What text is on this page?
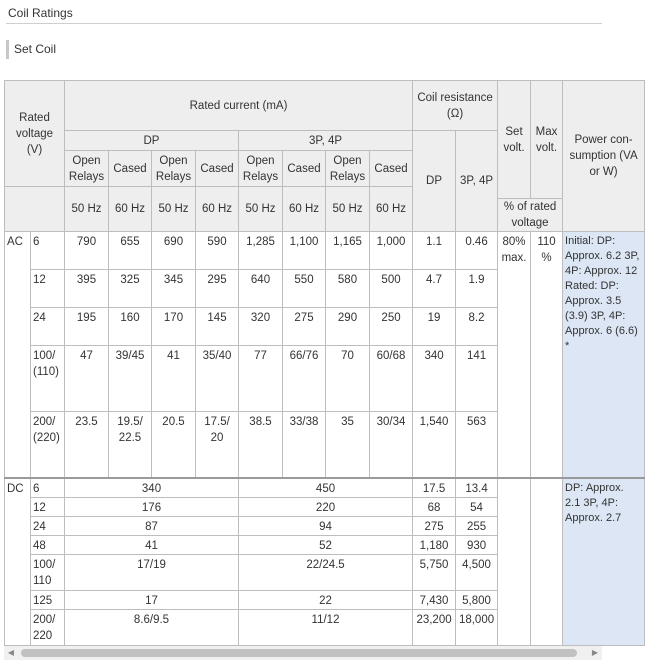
Coil Ratings
Set Coil
Rated voltage (V)		Rated current (mA)								Coil resistance (Ω)		Set volt.	Max volt.	Power con-sumption (VA or W)
		DP				3P, 4P				DP	3P, 4P			
		Open Relays	Cased	Open Relays	Cased	Open Relays	Cased	Open Relays	Cased					
		50 Hz	60 Hz	50 Hz	60 Hz	50 Hz	60 Hz	50 Hz	60 Hz					
												% of rated voltage		

AC	6	790	655	690	590	1,285	1,100	1,165	1,000	1.1	0.46	80% max.	110 %	Initial: DP: Approx. 6.2 3P, 4P: Approx. 12 Rated: DP: Approx. 3.5 (3.9) 3P, 4P: Approx. 6 (6.6) *
	12	395	325	345	295	640	550	580	500	4.7	1.9			
	24	195	160	170	145	320	275	290	250	19	8.2			
	100/ (110)	47	39/45	41	35/40	77	66/76	70	60/68	340	141			
	200/ (220)	23.5	19.5/ 22.5	20.5	17.5/ 20	38.5	33/38	35	30/34	1,540	563			
DC	6	340				450				17.5	13.4			DP: Approx. 2.1 3P, 4P: Approx. 2.7
	12	176				220				68	54			
	24	87				94				275	255			
	48	41				52				1,180	930			
	100/ 110	17/19				22/24.5				5,750	4,500			
	125	17				22				7,430	5,800			
	200/ 220	8.6/9.5				11/12				23,200	18,000			
◀	▶
